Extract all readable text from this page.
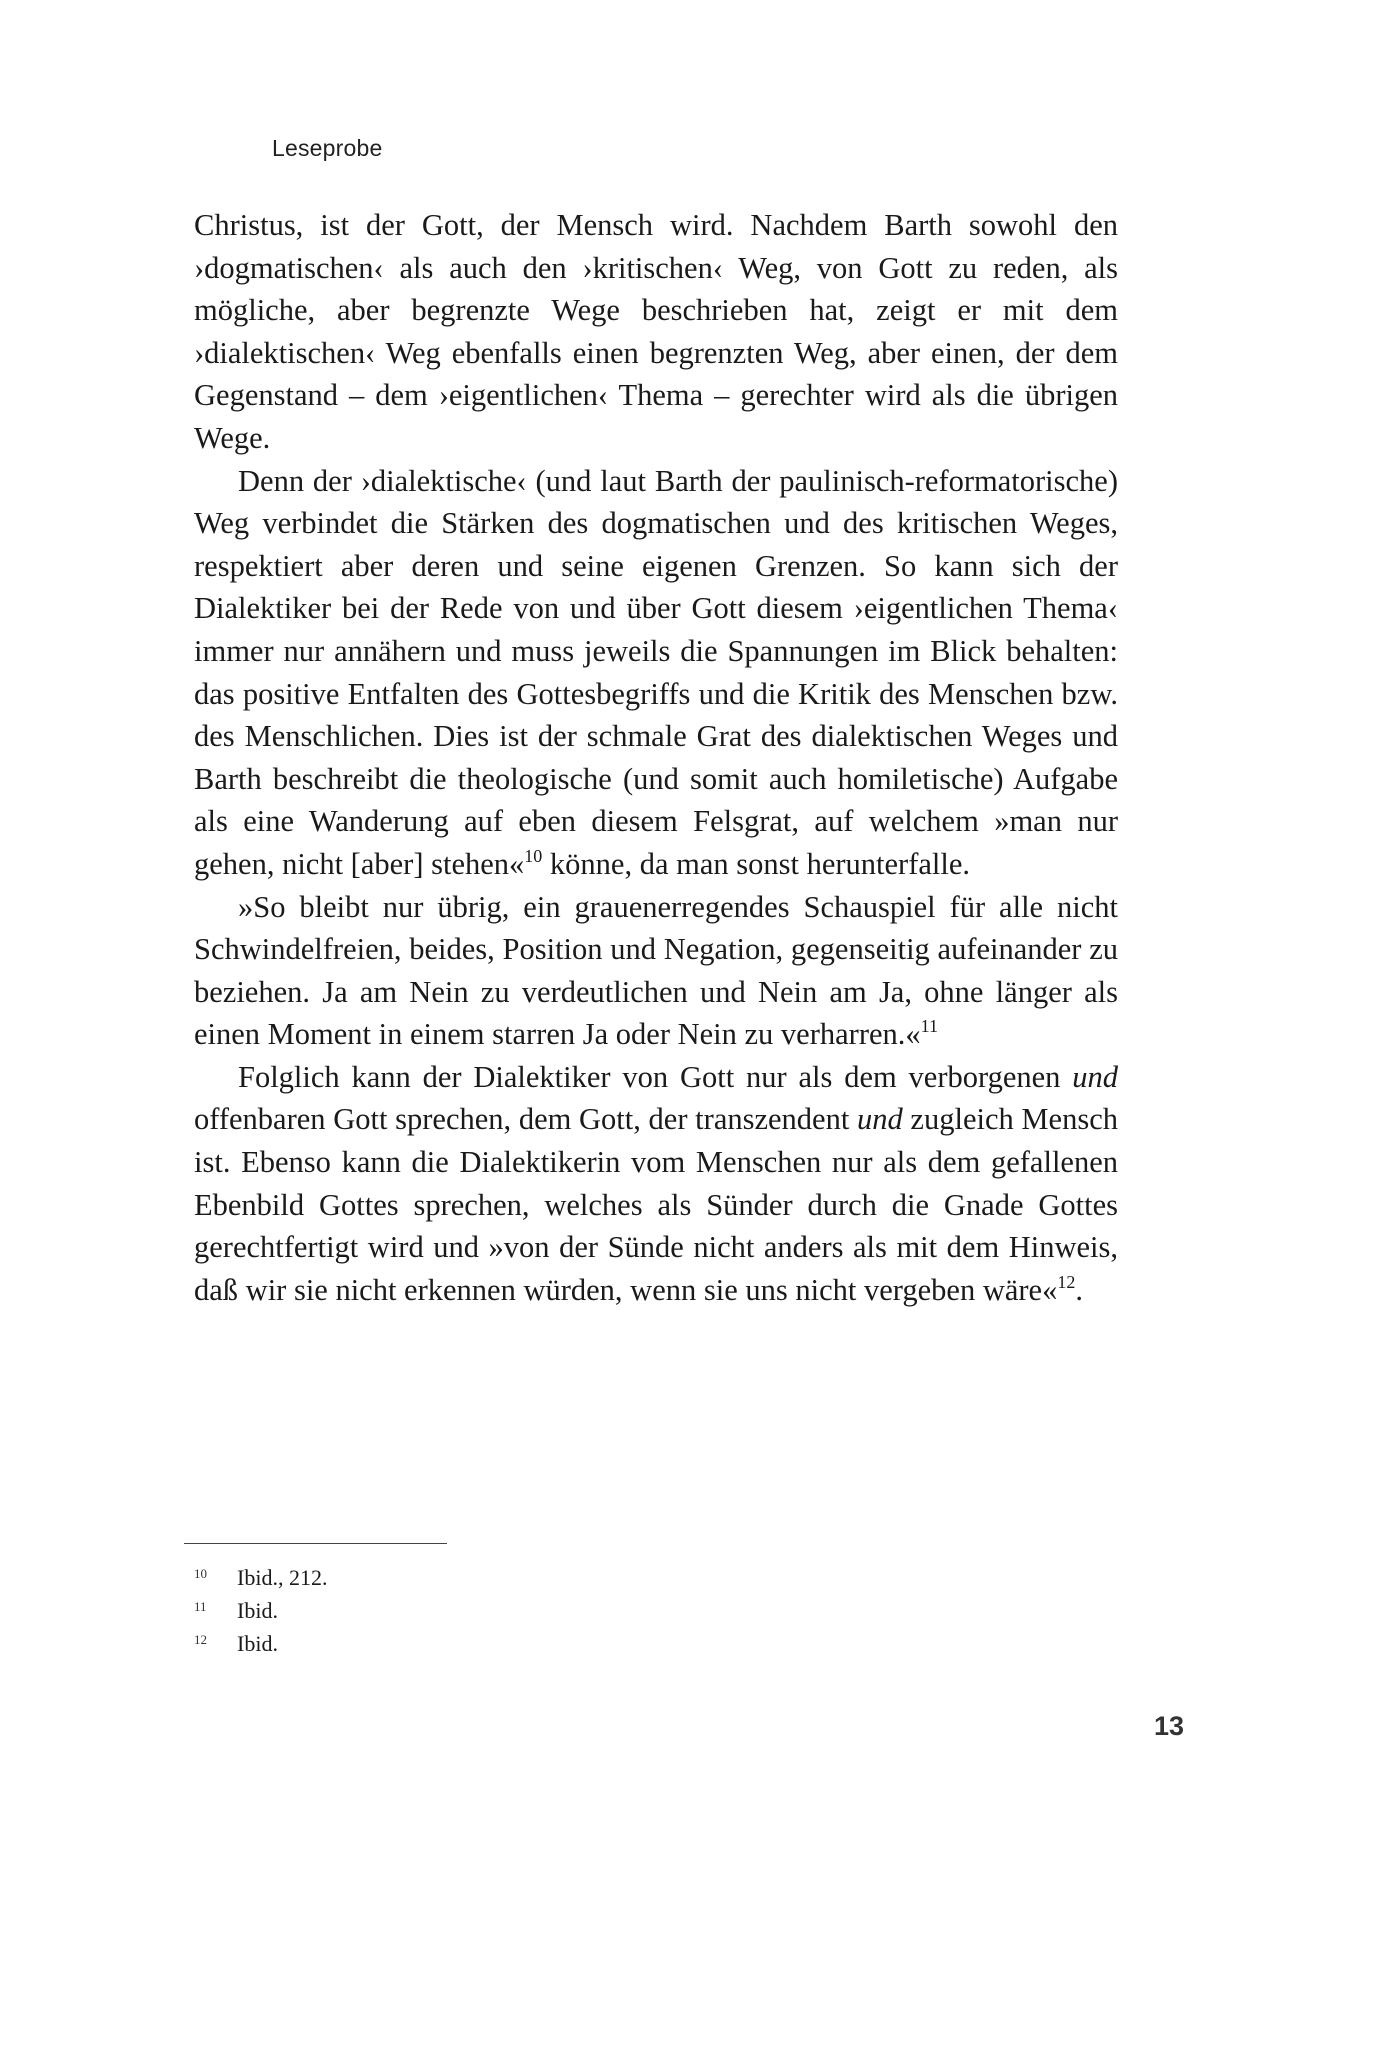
Leseprobe

Christus, ist der Gott, der Mensch wird. Nachdem Barth sowohl den ›dogmatischen‹ als auch den ›kritischen‹ Weg, von Gott zu reden, als mögliche, aber begrenzte Wege beschrieben hat, zeigt er mit dem ›dialektischen‹ Weg ebenfalls einen begrenzten Weg, aber einen, der dem Gegenstand – dem ›eigentlichen‹ Thema – gerechter wird als die übrigen Wege.

Denn der ›dialektische‹ (und laut Barth der paulinisch-reformatorische) Weg verbindet die Stärken des dogmatischen und des kritischen Weges, respektiert aber deren und seine eigenen Grenzen. So kann sich der Dialektiker bei der Rede von und über Gott diesem ›eigentlichen Thema‹ immer nur annähern und muss jeweils die Spannungen im Blick behalten: das positive Entfalten des Gottesbegriffs und die Kritik des Menschen bzw. des Menschlichen. Dies ist der schmale Grat des dialektischen Weges und Barth beschreibt die theologische (und somit auch homiletische) Aufgabe als eine Wanderung auf eben diesem Felsgrat, auf welchem »man nur gehen, nicht [aber] stehen«$^{10}$ könne, da man sonst herunterfalle.

»So bleibt nur übrig, ein grauenerregendes Schauspiel für alle nicht Schwindelfreien, beides, Position und Negation, gegenseitig aufeinander zu beziehen. Ja am Nein zu verdeutlichen und Nein am Ja, ohne länger als einen Moment in einem starren Ja oder Nein zu verharren.«$^{11}$

Folglich kann der Dialektiker von Gott nur als dem verborgenen und offenbaren Gott sprechen, dem Gott, der transzendent und zugleich Mensch ist. Ebenso kann die Dialektikerin vom Menschen nur als dem gefallenen Ebenbild Gottes sprechen, welches als Sünder durch die Gnade Gottes gerechtfertigt wird und »von der Sünde nicht anders als mit dem Hinweis, daß wir sie nicht erkennen würden, wenn sie uns nicht vergeben wäre«$^{12}$.

10	Ibid., 212.
11	Ibid.
12	Ibid.
13
